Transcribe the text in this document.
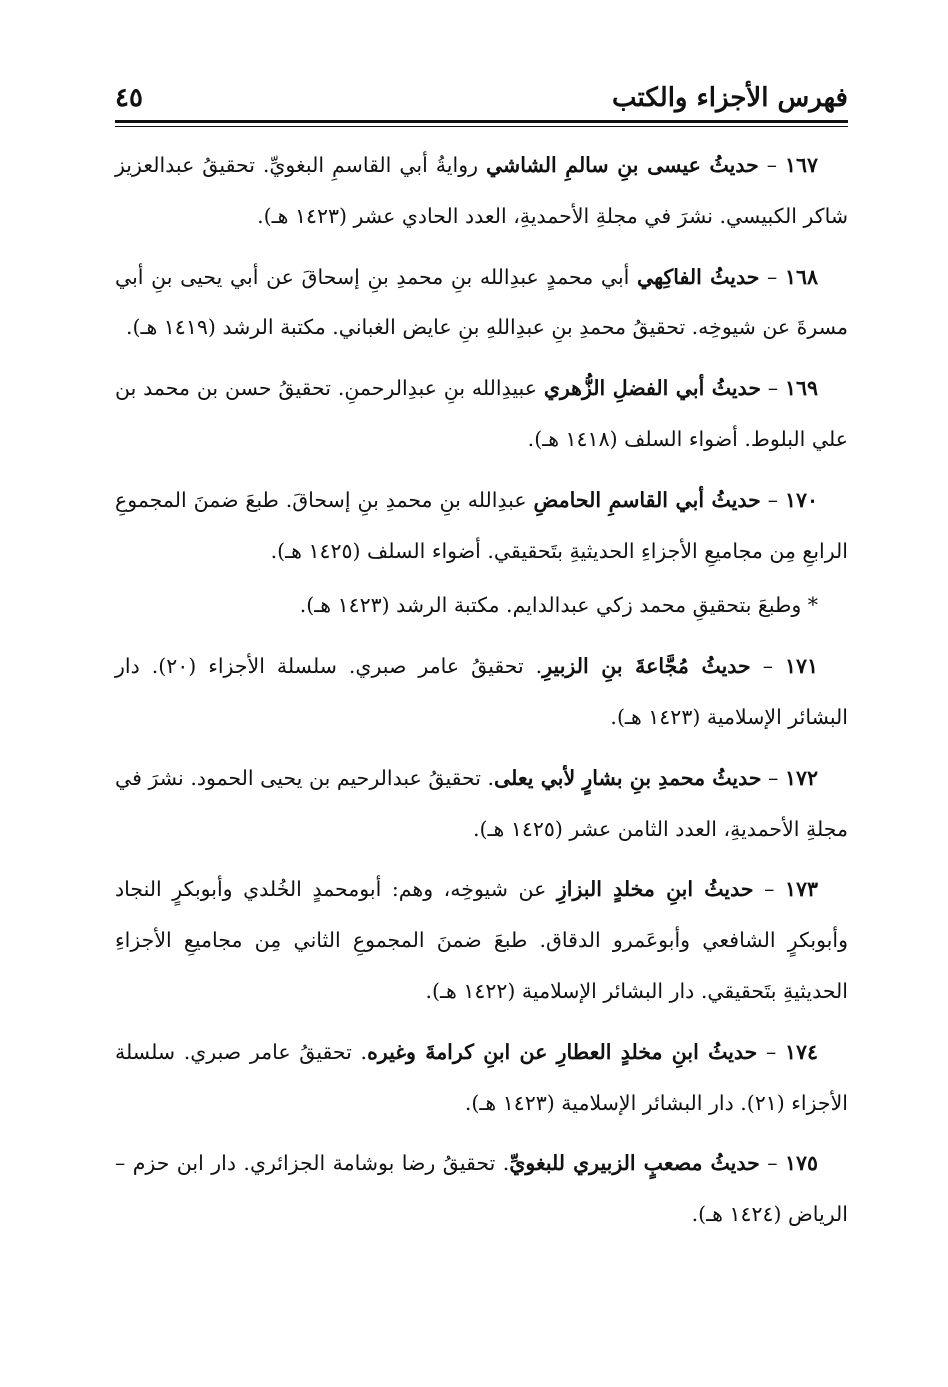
فهرس الأجزاء والكتب
٤٥

١٦٧ – حديثُ عيسى بنِ سالمِ الشاشي روايةُ أبي القاسمِ البغويِّ. تحقيقُ عبدالعزيز شاكر الكبيسي. نشرَ في مجلةِ الأحمديةِ، العدد الحادي عشر (١٤٢٣ هـ).

١٦٨ – حديثُ الفاكِهي أبي محمدٍ عبدِالله بنِ محمدِ بنِ إسحاقَ عن أبي يحيى بنِ أبي مسرةَ عن شيوخِه. تحقيقُ محمدِ بنِ عبدِاللهِ بنِ عايض الغباني. مكتبة الرشد (١٤١٩ هـ).

١٦٩ – حديثُ أبي الفضلِ الزُّهري عبيدِالله بنِ عبدِالرحمنِ. تحقيقُ حسن بن محمد بن علي البلوط. أضواء السلف (١٤١٨ هـ).

١٧٠ – حديثُ أبي القاسمِ الحامضِ عبدِالله بنِ محمدِ بنِ إسحاقَ. طبعَ ضمنَ المجموعِ الرابعِ مِن مجاميعِ الأجزاءِ الحديثيةِ بتَحقيقي. أضواء السلف (١٤٢٥ هـ).

* وطبعَ بتحقيقِ محمد زكي عبدالدايم. مكتبة الرشد (١٤٢٣ هـ).

١٧١ – حديثُ مُجَّاعةَ بنِ الزبيرِ. تحقيقُ عامر صبري. سلسلة الأجزاء (٢٠). دار البشائر الإسلامية (١٤٢٣ هـ).

١٧٢ – حديثُ محمدِ بنِ بشارٍ لأبي يعلى. تحقيقُ عبدالرحيم بن يحيى الحمود. نشرَ في مجلةِ الأحمديةِ، العدد الثامن عشر (١٤٢٥ هـ).

١٧٣ – حديثُ ابنِ مخلدٍ البزازِ عن شيوخِه، وهم: أبومحمدٍ الخُلدي وأبوبكرٍ النجاد وأبوبكرٍ الشافعي وأبوعَمرو الدقاق. طبعَ ضمنَ المجموعِ الثاني مِن مجاميعِ الأجزاءِ الحديثيةِ بتَحقيقي. دار البشائر الإسلامية (١٤٢٢ هـ).

١٧٤ – حديثُ ابنِ مخلدٍ العطارِ عن ابنِ كرامةَ وغيره. تحقيقُ عامر صبري. سلسلة الأجزاء (٢١). دار البشائر الإسلامية (١٤٢٣ هـ).

١٧٥ – حديثُ مصعبٍ الزبيري للبغويِّ. تحقيقُ رضا بوشامة الجزائري. دار ابن حزم – الرياض (١٤٢٤ هـ).
